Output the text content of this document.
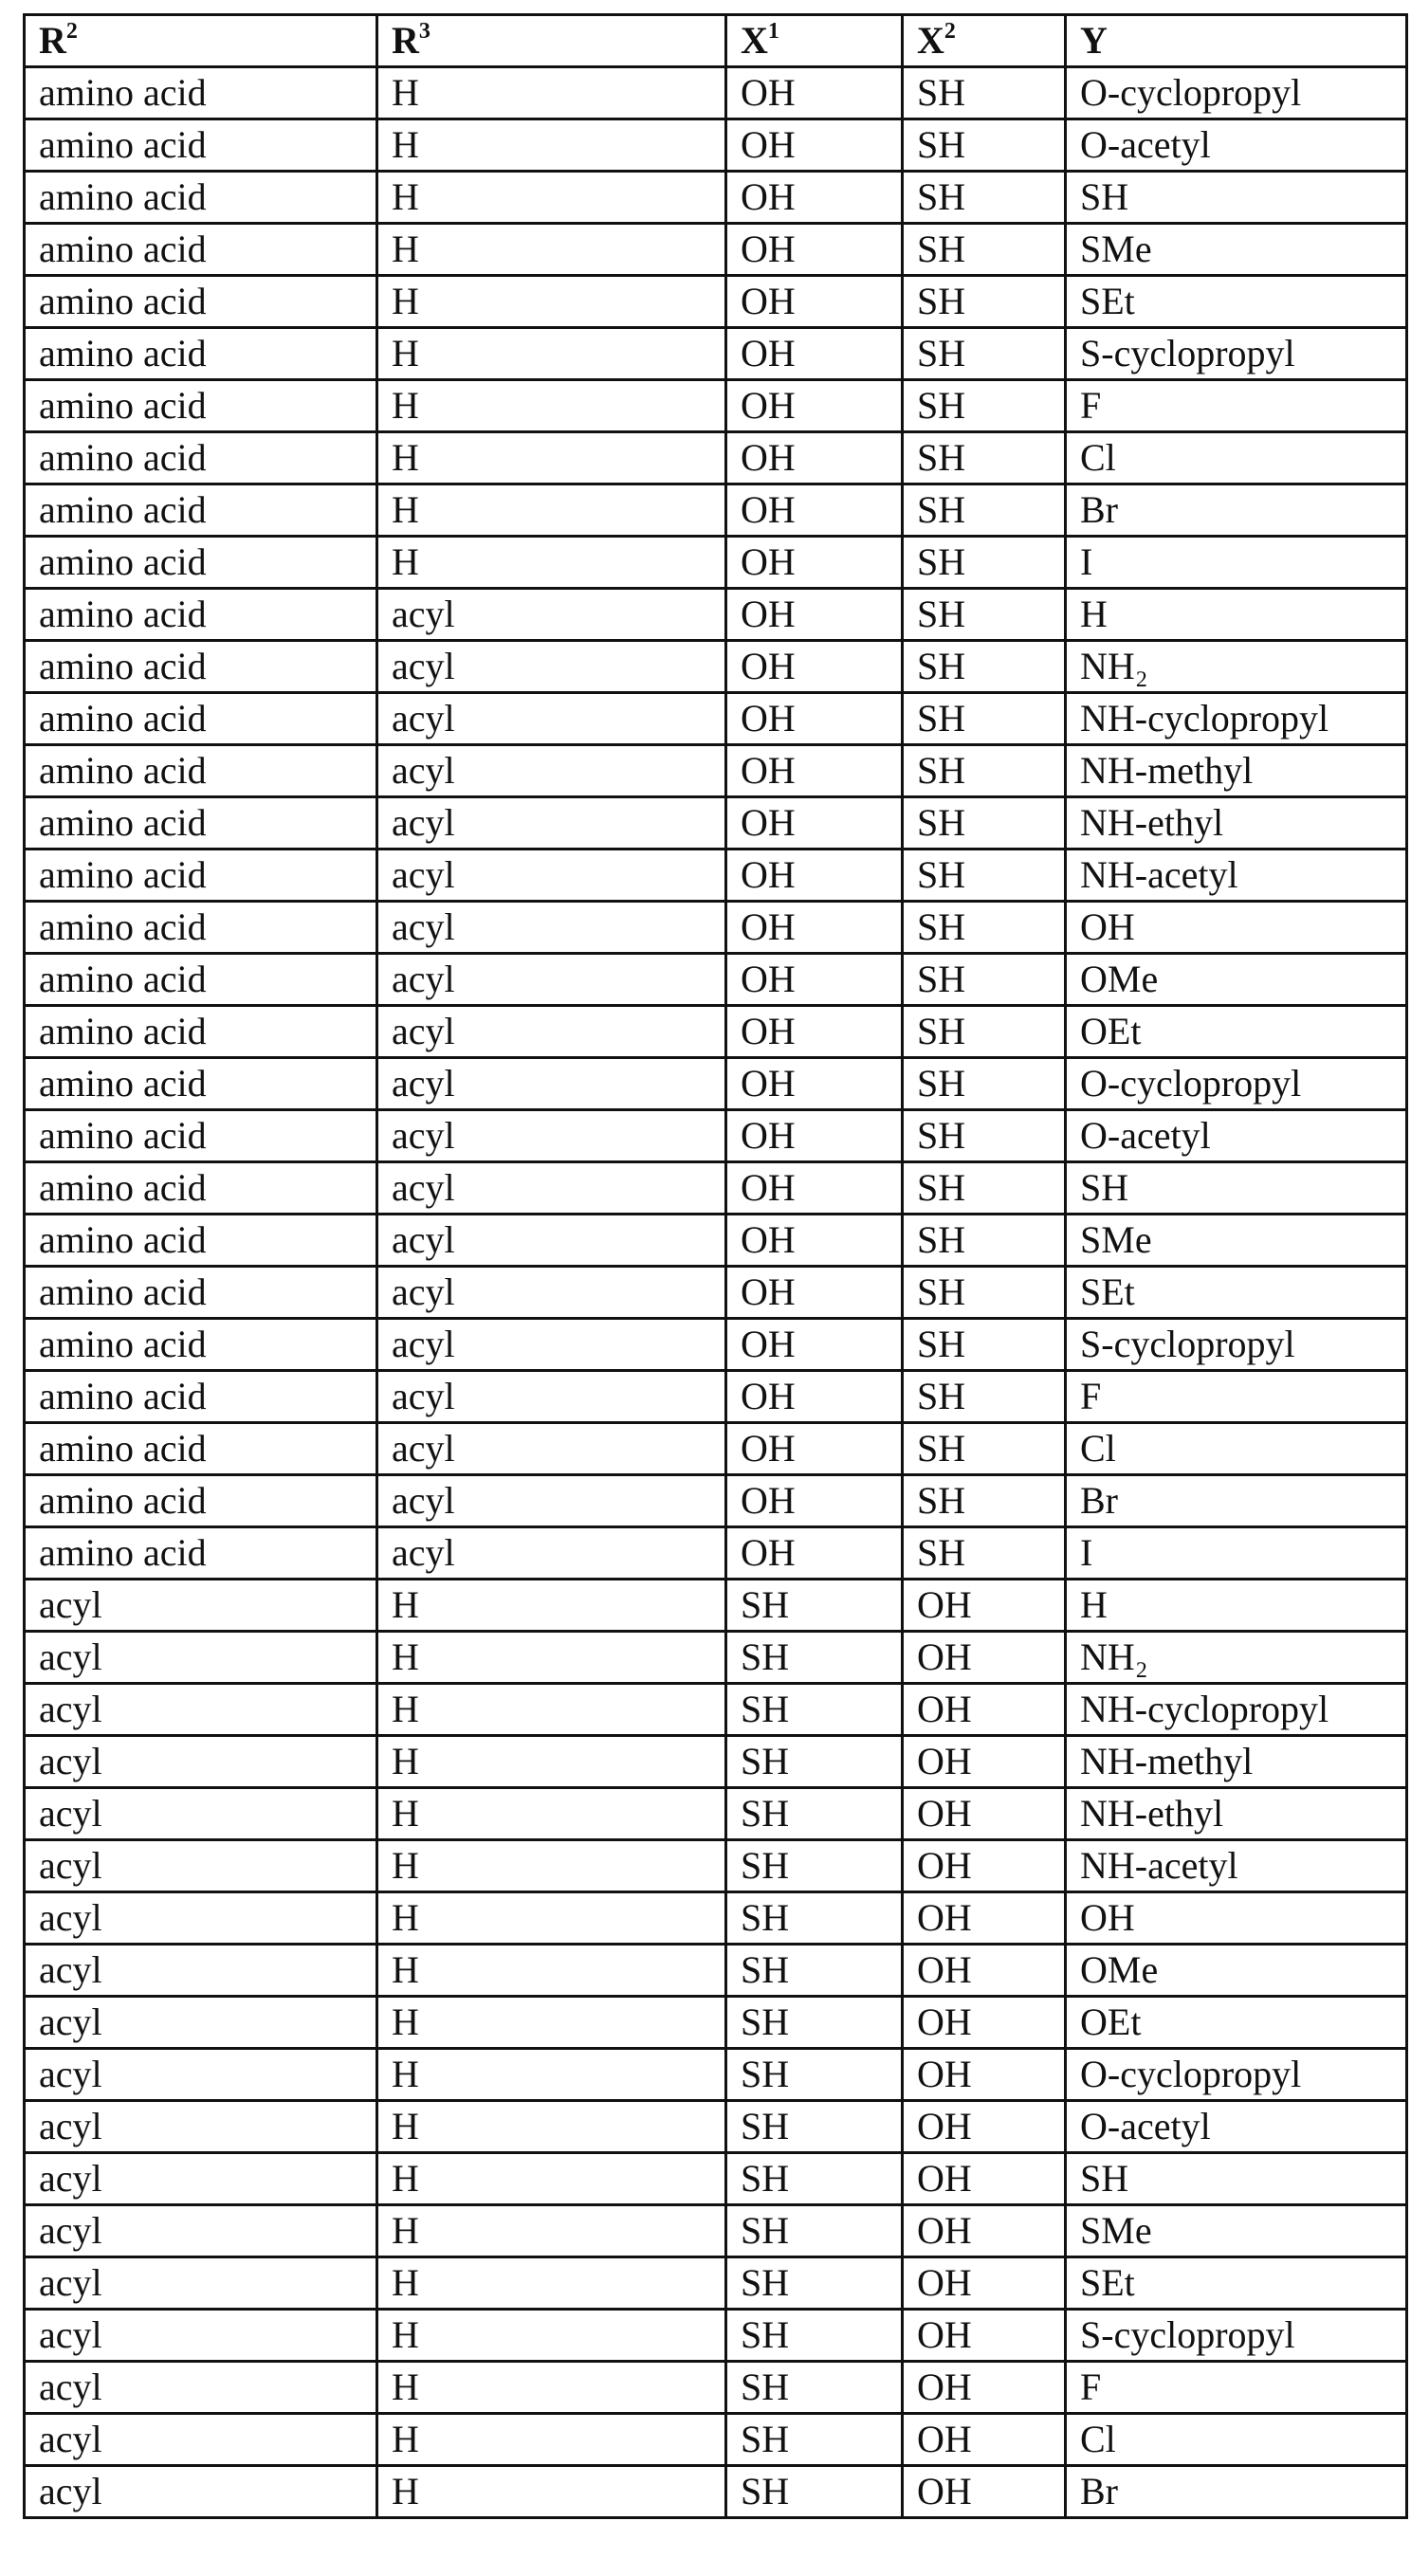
R2	R3	X1	X2	Y
amino acid	H	OH	SH	O-cyclopropyl
amino acid	H	OH	SH	O-acetyl
amino acid	H	OH	SH	SH
amino acid	H	OH	SH	SMe
amino acid	H	OH	SH	SEt
amino acid	H	OH	SH	S-cyclopropyl
amino acid	H	OH	SH	F
amino acid	H	OH	SH	Cl
amino acid	H	OH	SH	Br
amino acid	H	OH	SH	I
amino acid	acyl	OH	SH	H
amino acid	acyl	OH	SH	NH₂
amino acid	acyl	OH	SH	NH-cyclopropyl
amino acid	acyl	OH	SH	NH-methyl
amino acid	acyl	OH	SH	NH-ethyl
amino acid	acyl	OH	SH	NH-acetyl
amino acid	acyl	OH	SH	OH
amino acid	acyl	OH	SH	OMe
amino acid	acyl	OH	SH	OEt
amino acid	acyl	OH	SH	O-cyclopropyl
amino acid	acyl	OH	SH	O-acetyl
amino acid	acyl	OH	SH	SH
amino acid	acyl	OH	SH	SMe
amino acid	acyl	OH	SH	SEt
amino acid	acyl	OH	SH	S-cyclopropyl
amino acid	acyl	OH	SH	F
amino acid	acyl	OH	SH	Cl
amino acid	acyl	OH	SH	Br
amino acid	acyl	OH	SH	I
acyl	H	SH	OH	H
acyl	H	SH	OH	NH₂
acyl	H	SH	OH	NH-cyclopropyl
acyl	H	SH	OH	NH-methyl
acyl	H	SH	OH	NH-ethyl
acyl	H	SH	OH	NH-acetyl
acyl	H	SH	OH	OH
acyl	H	SH	OH	OMe
acyl	H	SH	OH	OEt
acyl	H	SH	OH	O-cyclopropyl
acyl	H	SH	OH	O-acetyl
acyl	H	SH	OH	SH
acyl	H	SH	OH	SMe
acyl	H	SH	OH	SEt
acyl	H	SH	OH	S-cyclopropyl
acyl	H	SH	OH	F
acyl	H	SH	OH	Cl
acyl	H	SH	OH	Br
